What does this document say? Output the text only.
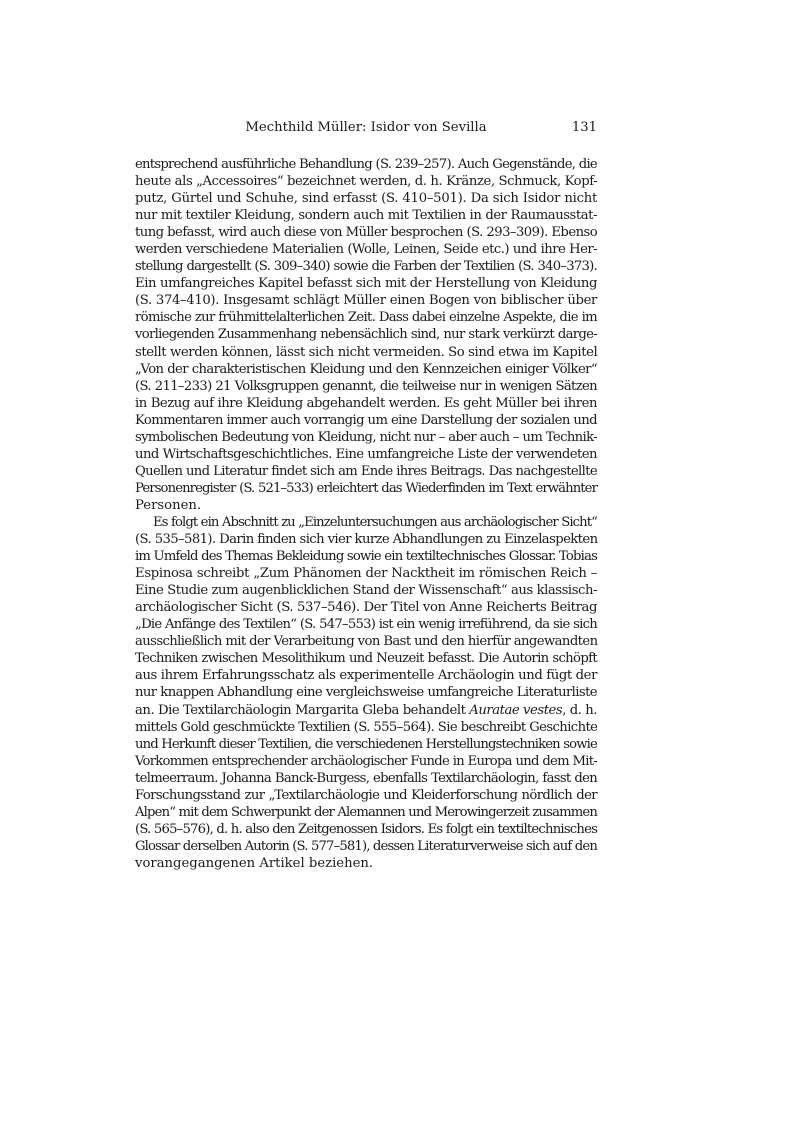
Mechthild Müller: Isidor von Sevilla	131
entsprechend ausführliche Behandlung (S. 239–257). Auch Gegenstände, die
heute als „Accessoires“ bezeichnet werden, d. h. Kränze, Schmuck, Kopf-
putz, Gürtel und Schuhe, sind erfasst (S. 410–501). Da sich Isidor nicht
nur mit textiler Kleidung, sondern auch mit Textilien in der Raumausstat-
tung befasst, wird auch diese von Müller besprochen (S. 293–309). Ebenso
werden verschiedene Materialien (Wolle, Leinen, Seide etc.) und ihre Her-
stellung dargestellt (S. 309–340) sowie die Farben der Textilien (S. 340–373).
Ein umfangreiches Kapitel befasst sich mit der Herstellung von Kleidung
(S. 374–410). Insgesamt schlägt Müller einen Bogen von biblischer über
römische zur frühmittelalterlichen Zeit. Dass dabei einzelne Aspekte, die im
vorliegenden Zusammenhang nebensächlich sind, nur stark verkürzt darge-
stellt werden können, lässt sich nicht vermeiden. So sind etwa im Kapitel
„Von der charakteristischen Kleidung und den Kennzeichen einiger Völker“
(S. 211–233) 21 Volksgruppen genannt, die teilweise nur in wenigen Sätzen
in Bezug auf ihre Kleidung abgehandelt werden. Es geht Müller bei ihren
Kommentaren immer auch vorrangig um eine Darstellung der sozialen und
symbolischen Bedeutung von Kleidung, nicht nur – aber auch – um Technik-
und Wirtschaftsgeschichtliches. Eine umfangreiche Liste der verwendeten
Quellen und Literatur findet sich am Ende ihres Beitrags. Das nachgestellte
Personenregister (S. 521–533) erleichtert das Wiederfinden im Text erwähnter
Personen.
Es folgt ein Abschnitt zu „Einzeluntersuchungen aus archäologischer Sicht“
(S. 535–581). Darin finden sich vier kurze Abhandlungen zu Einzelaspekten
im Umfeld des Themas Bekleidung sowie ein textiltechnisches Glossar. Tobias
Espinosa schreibt „Zum Phänomen der Nacktheit im römischen Reich –
Eine Studie zum augenblicklichen Stand der Wissenschaft“ aus klassisch-
archäologischer Sicht (S. 537–546). Der Titel von Anne Reicherts Beitrag
„Die Anfänge des Textilen“ (S. 547–553) ist ein wenig irreführend, da sie sich
ausschließlich mit der Verarbeitung von Bast und den hierfür angewandten
Techniken zwischen Mesolithikum und Neuzeit befasst. Die Autorin schöpft
aus ihrem Erfahrungsschatz als experimentelle Archäologin und fügt der
nur knappen Abhandlung eine vergleichsweise umfangreiche Literaturliste
an. Die Textilarchäologin Margarita Gleba behandelt Auratae vestes, d. h.
mittels Gold geschmückte Textilien (S. 555–564). Sie beschreibt Geschichte
und Herkunft dieser Textilien, die verschiedenen Herstellungstechniken sowie
Vorkommen entsprechender archäologischer Funde in Europa und dem Mit-
telmeerraum. Johanna Banck-Burgess, ebenfalls Textilarchäologin, fasst den
Forschungsstand zur „Textilarchäologie und Kleiderforschung nördlich der
Alpen“ mit dem Schwerpunkt der Alemannen und Merowingerzeit zusammen
(S. 565–576), d. h. also den Zeitgenossen Isidors. Es folgt ein textiltechnisches
Glossar derselben Autorin (S. 577–581), dessen Literaturverweise sich auf den
vorangegangenen Artikel beziehen.
